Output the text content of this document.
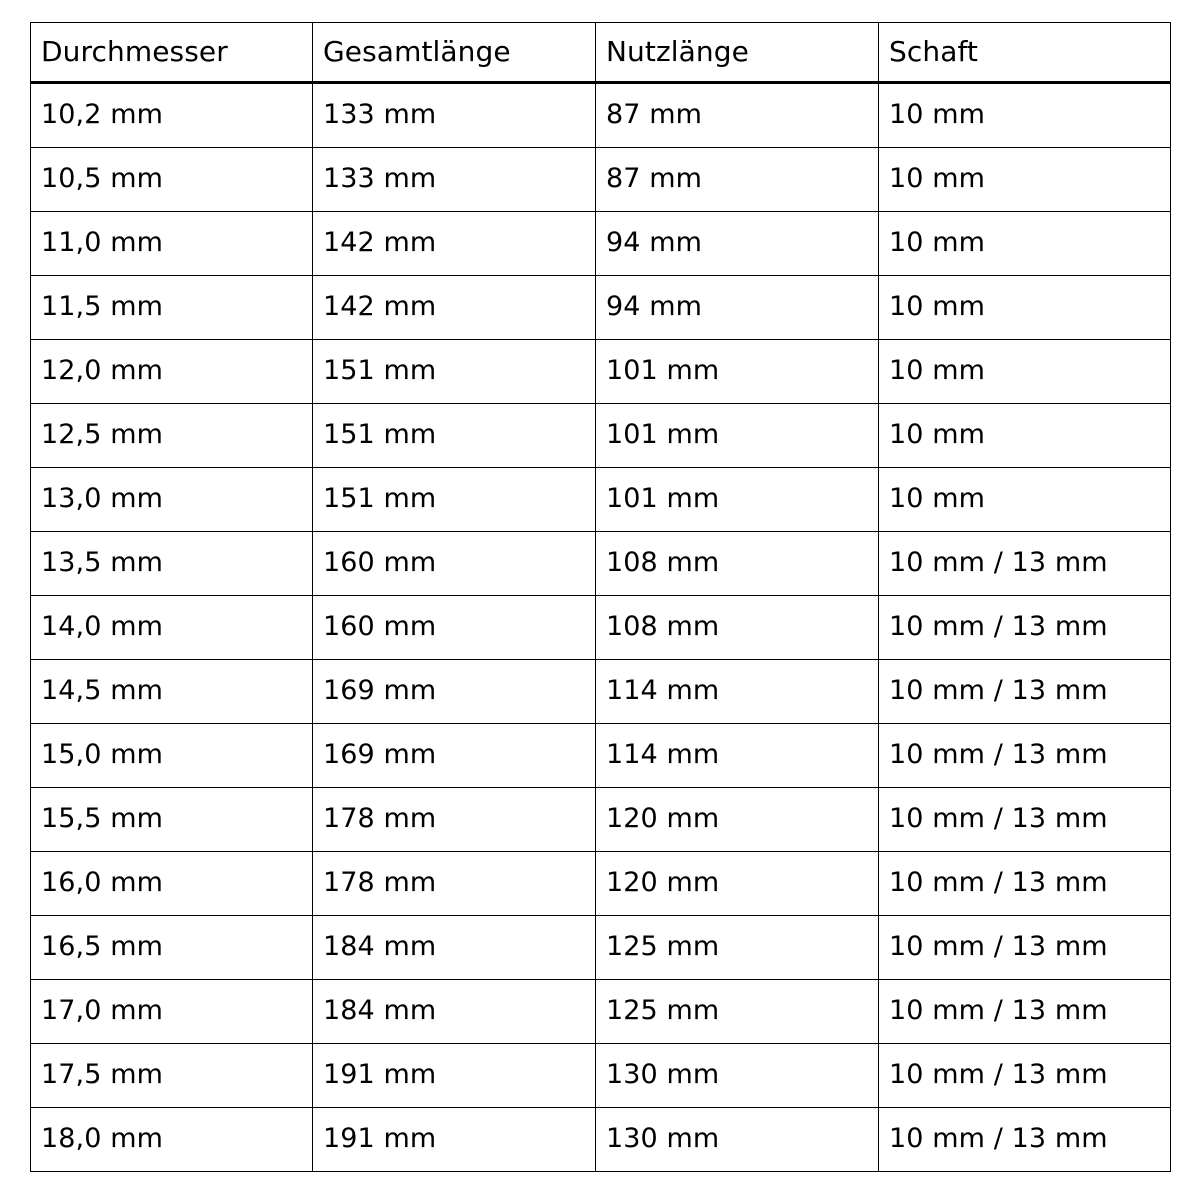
Durchmesser	Gesamtlänge	Nutzlänge	Schaft
10,2 mm	133 mm	87 mm	10 mm
10,5 mm	133 mm	87 mm	10 mm
11,0 mm	142 mm	94 mm	10 mm
11,5 mm	142 mm	94 mm	10 mm
12,0 mm	151 mm	101 mm	10 mm
12,5 mm	151 mm	101 mm	10 mm
13,0 mm	151 mm	101 mm	10 mm
13,5 mm	160 mm	108 mm	10 mm / 13 mm
14,0 mm	160 mm	108 mm	10 mm / 13 mm
14,5 mm	169 mm	114 mm	10 mm / 13 mm
15,0 mm	169 mm	114 mm	10 mm / 13 mm
15,5 mm	178 mm	120 mm	10 mm / 13 mm
16,0 mm	178 mm	120 mm	10 mm / 13 mm
16,5 mm	184 mm	125 mm	10 mm / 13 mm
17,0 mm	184 mm	125 mm	10 mm / 13 mm
17,5 mm	191 mm	130 mm	10 mm / 13 mm
18,0 mm	191 mm	130 mm	10 mm / 13 mm
